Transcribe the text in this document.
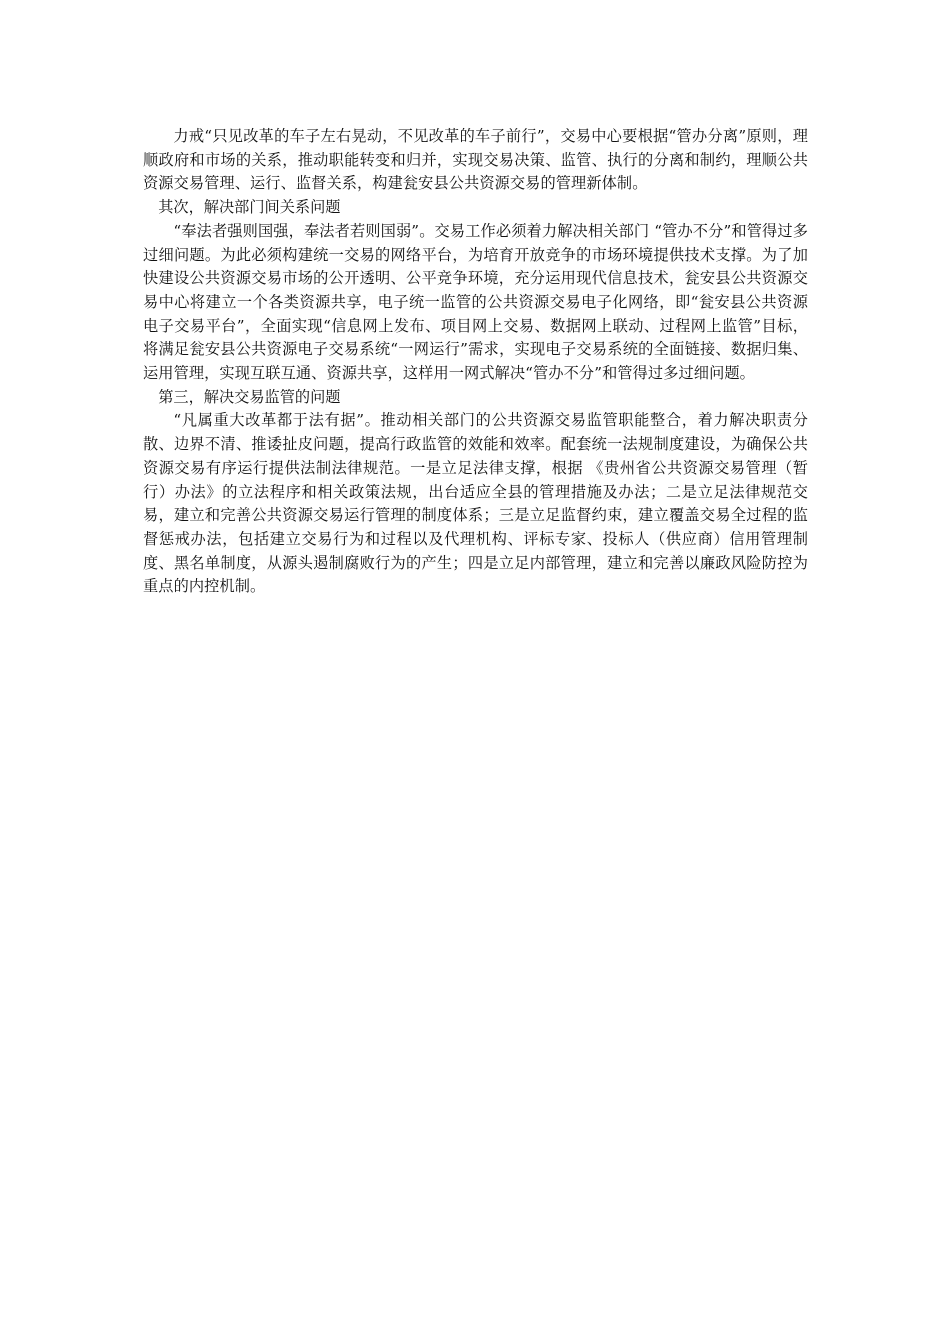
力戒“只见改革的车子左右晃动，不见改革的车子前行”，交易中心要根据“管办分离”原则，理顺政府和市场的关系，推动职能转变和归并，实现交易决策、监管、执行的分离和制约，理顺公共资源交易管理、运行、监督关系，构建瓮安县公共资源交易的管理新体制。

其次，解决部门间关系问题

“奉法者强则国强，奉法者若则国弱”。交易工作必须着力解决相关部门 “管办不分”和管得过多过细问题。为此必须构建统一交易的网络平台，为培育开放竞争的市场环境提供技术支撑。为了加快建设公共资源交易市场的公开透明、公平竞争环境，充分运用现代信息技术，瓮安县公共资源交易中心将建立一个各类资源共享，电子统一监管的公共资源交易电子化网络，即“瓮安县公共资源电子交易平台”，全面实现“信息网上发布、项目网上交易、数据网上联动、过程网上监管”目标，将满足瓮安县公共资源电子交易系统“一网运行”需求，实现电子交易系统的全面链接、数据归集、运用管理，实现互联互通、资源共享，这样用一网式解决“管办不分”和管得过多过细问题。

第三，解决交易监管的问题

“凡属重大改革都于法有据”。推动相关部门的公共资源交易监管职能整合，着力解决职责分散、边界不清、推诿扯皮问题，提高行政监管的效能和效率。配套统一法规制度建设，为确保公共资源交易有序运行提供法制法律规范。一是立足法律支撑，根据 《贵州省公共资源交易管理（暂行）办法》的立法程序和相关政策法规，出台适应全县的管理措施及办法；二是立足法律规范交易，建立和完善公共资源交易运行管理的制度体系；三是立足监督约束，建立覆盖交易全过程的监督惩戒办法，包括建立交易行为和过程以及代理机构、评标专家、投标人（供应商）信用管理制度、黑名单制度，从源头遏制腐败行为的产生；四是立足内部管理，建立和完善以廉政风险防控为重点的内控机制。
